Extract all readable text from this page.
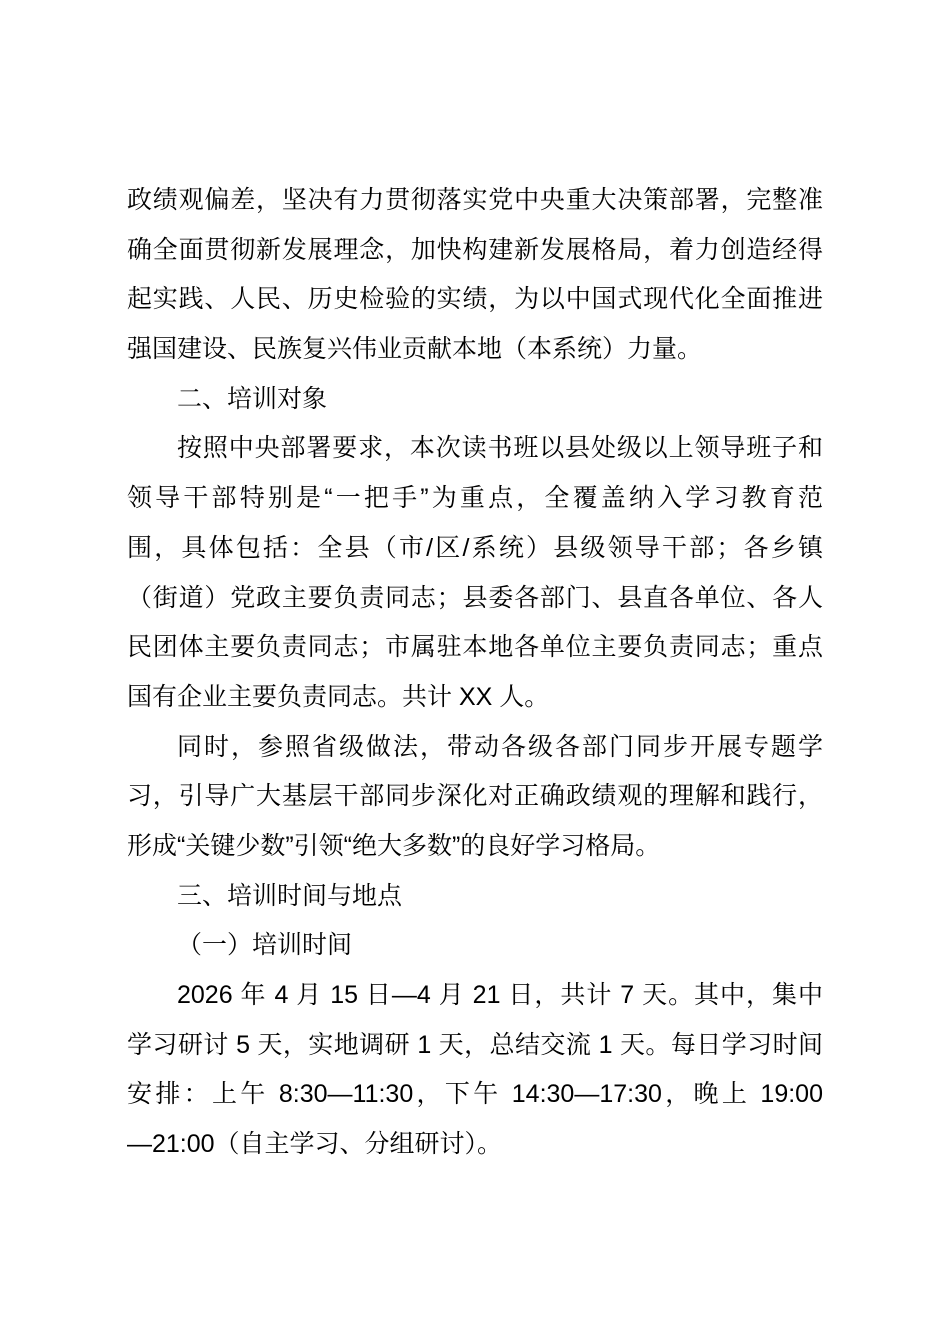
政绩观偏差，坚决有力贯彻落实党中央重大决策部署，完整准
确全面贯彻新发展理念，加快构建新发展格局，着力创造经得
起实践、人民、历史检验的实绩，为以中国式现代化全面推进
强国建设、民族复兴伟业贡献本地（本系统）力量。

二、培训对象

按照中央部署要求，本次读书班以县处级以上领导班子和
领导干部特别是“一把手”为重点，全覆盖纳入学习教育范
围，具体包括：全县（市/区/系统）县级领导干部；各乡镇
（街道）党政主要负责同志；县委各部门、县直各单位、各人
民团体主要负责同志；市属驻本地各单位主要负责同志；重点
国有企业主要负责同志。共计 XX 人。

同时，参照省级做法，带动各级各部门同步开展专题学
习，引导广大基层干部同步深化对正确政绩观的理解和践行，
形成“关键少数”引领“绝大多数”的良好学习格局。

三、培训时间与地点

（一）培训时间

2026 年 4 月 15 日—4 月 21 日，共计 7 天。其中，集中
学习研讨 5 天，实地调研 1 天，总结交流 1 天。每日学习时间
安排：上午 8:30—11:30，下午 14:30—17:30，晚上 19:00
—21:00（自主学习、分组研讨）。
